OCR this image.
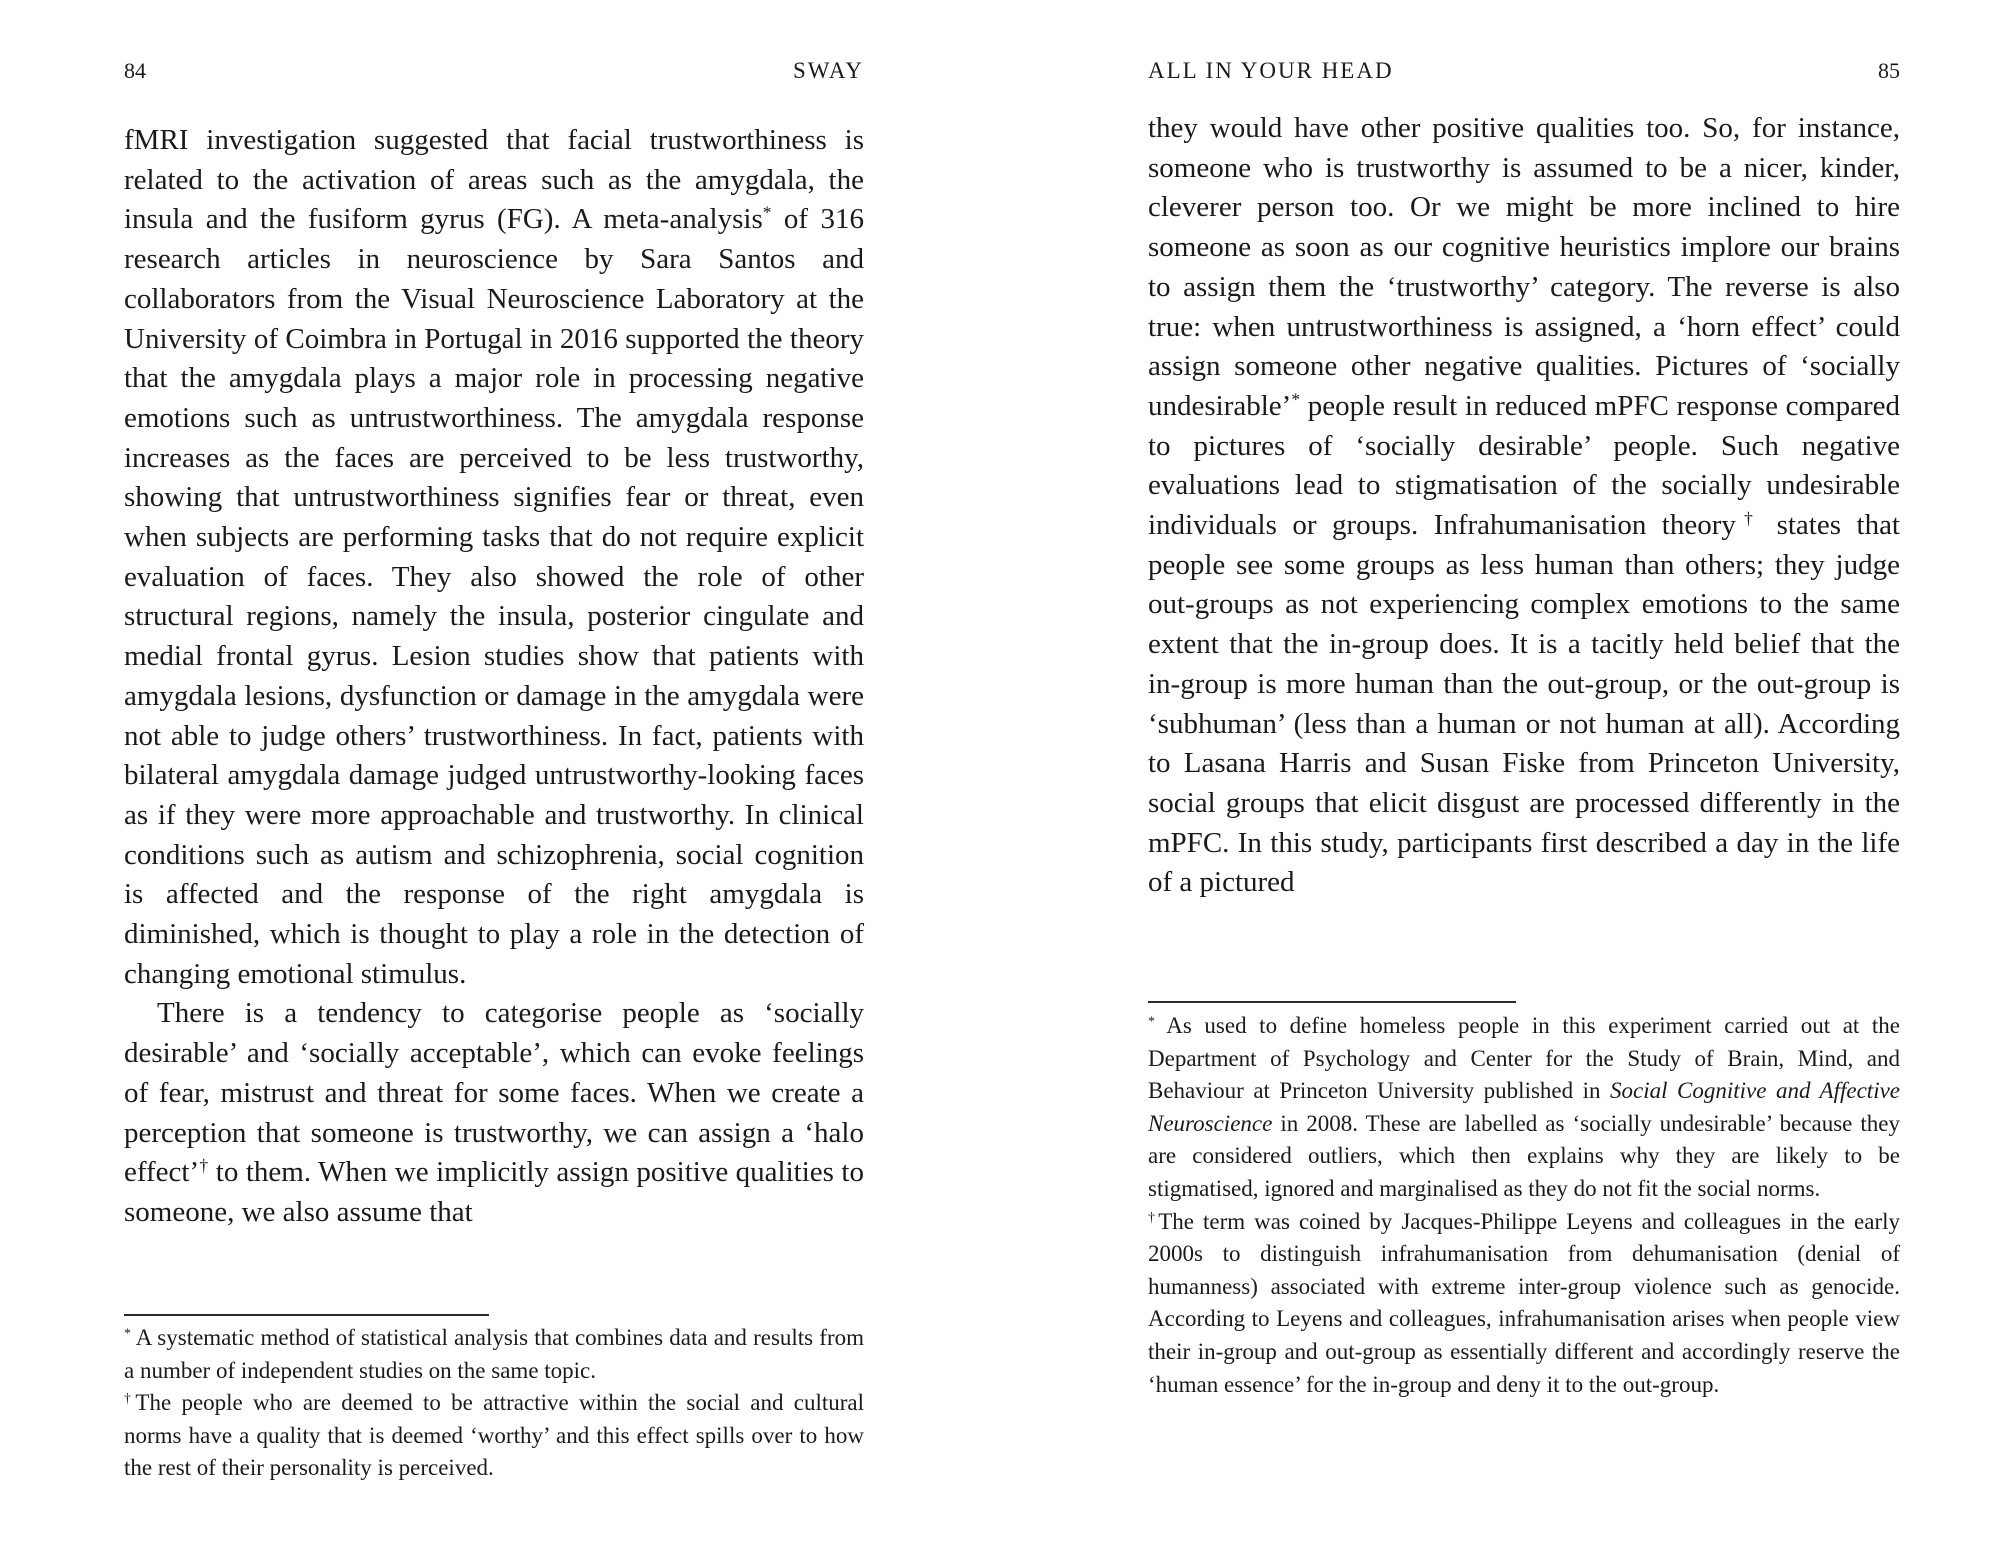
84	SWAY

fMRI investigation suggested that facial trustworthiness is related to the activation of areas such as the amygdala, the insula and the fusiform gyrus (FG). A meta-analysis* of 316 research articles in neuroscience by Sara Santos and collaborators from the Visual Neuroscience Laboratory at the University of Coimbra in Portugal in 2016 supported the theory that the amygdala plays a major role in processing negative emotions such as untrustworthiness. The amygdala response increases as the faces are perceived to be less trustworthy, showing that untrustworthiness signifies fear or threat, even when subjects are performing tasks that do not require explicit evaluation of faces. They also showed the role of other structural regions, namely the insula, posterior cingulate and medial frontal gyrus. Lesion studies show that patients with amygdala lesions, dysfunction or damage in the amygdala were not able to judge others’ trustworthiness. In fact, patients with bilateral amygdala damage judged untrustworthy-looking faces as if they were more approachable and trustworthy. In clinical conditions such as autism and schizophrenia, social cognition is affected and the response of the right amygdala is diminished, which is thought to play a role in the detection of changing emotional stimulus.

There is a tendency to categorise people as ‘socially desirable’ and ‘socially acceptable’, which can evoke feelings of fear, mistrust and threat for some faces. When we create a perception that someone is trustworthy, we can assign a ‘halo effect’† to them. When we implicitly assign positive qualities to someone, we also assume that

* A systematic method of statistical analysis that combines data and results from a number of independent studies on the same topic.

†The people who are deemed to be attractive within the social and cultural norms have a quality that is deemed ‘worthy’ and this effect spills over to how the rest of their personality is perceived.

ALL IN YOUR HEAD	85

they would have other positive qualities too. So, for instance, someone who is trustworthy is assumed to be a nicer, kinder, cleverer person too. Or we might be more inclined to hire someone as soon as our cognitive heuristics implore our brains to assign them the ‘trustworthy’ category. The reverse is also true: when untrustworthiness is assigned, a ‘horn effect’ could assign someone other negative qualities. Pictures of ‘socially undesirable’* people result in reduced mPFC response compared to pictures of ‘socially desirable’ people. Such negative evaluations lead to stigmatisation of the socially undesirable individuals or groups. Infrahumanisation theory† states that people see some groups as less human than others; they judge out-groups as not experiencing complex emotions to the same extent that the in-group does. It is a tacitly held belief that the in-group is more human than the out-group, or the out-group is ‘subhuman’ (less than a human or not human at all). According to Lasana Harris and Susan Fiske from Princeton University, social groups that elicit disgust are processed differently in the mPFC. In this study, participants first described a day in the life of a pictured

* As used to define homeless people in this experiment carried out at the Department of Psychology and Center for the Study of Brain, Mind, and Behaviour at Princeton University published in Social Cognitive and Affective Neuroscience in 2008. These are labelled as ‘socially undesirable’ because they are considered outliers, which then explains why they are likely to be stigmatised, ignored and marginalised as they do not fit the social norms.

†The term was coined by Jacques-Philippe Leyens and colleagues in the early 2000s to distinguish infrahumanisation from dehumanisation (denial of humanness) associated with extreme inter-group violence such as genocide. According to Leyens and colleagues, infrahumanisation arises when people view their in-group and out-group as essentially different and accordingly reserve the ‘human essence’ for the in-group and deny it to the out-group.
